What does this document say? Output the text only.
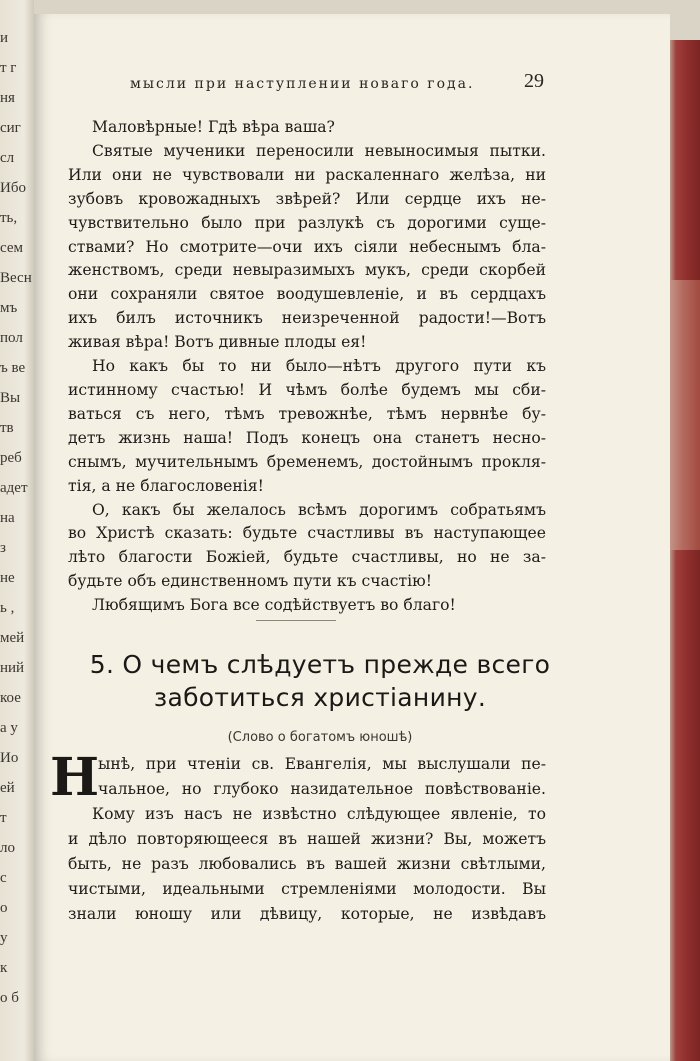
и
т г
ня
сиг
сл
Ибо
ть,
сем
Весн
мъ
пол
ъ ве
Вы
тв
реб
адет
на
з
не
ь ,
мей
ний
кое
а у
Ио
ей
т
ло
с
о
у
к
о б
мысли при наступлении новаго года. 29
Маловѣрные! Гдѣ вѣра ваша?
Святые мученики переносили невыносимыя пытки.
Или они не чувствовали ни раскаленнаго желѣза, ни
зубовъ кровожадныхъ звѣрей? Или сердце ихъ не-
чувствительно было при разлукѣ съ дорогими суще-
ствами? Но смотрите—очи ихъ сіяли небеснымъ бла-
женствомъ, среди невыразимыхъ мукъ, среди скорбей
они сохраняли святое воодушевленіе, и въ сердцахъ
ихъ билъ источникъ неизреченной радости!—Вотъ
живая вѣра! Вотъ дивные плоды ея!
Но какъ бы то ни было—нѣтъ другого пути къ
истинному счастью! И чѣмъ болѣе будемъ мы сби-
ваться съ него, тѣмъ тревожнѣе, тѣмъ нервнѣе бу-
детъ жизнь наша! Подъ конецъ она станетъ несно-
снымъ, мучительнымъ бременемъ, достойнымъ прокля-
тія, а не благословенія!
О, какъ бы желалось всѣмъ дорогимъ собратьямъ
во Христѣ сказать: будьте счастливы въ наступающее
лѣто благости Божіей, будьте счастливы, но не за-
будьте объ единственномъ пути къ счастію!
Любящимъ Бога все содѣйствуетъ во благо!
5. О чемъ слѣдуетъ прежде всего
заботиться христіанину.
(Слово о богатомъ юношѣ)
Н
ынѣ, при чтеніи св. Евангелія, мы выслушали пе-
чальное, но глубоко назидательное повѣствованіе.
Кому изъ насъ не извѣстно слѣдующее явленіе, то
и дѣло повторяющееся въ нашей жизни? Вы, можетъ
быть, не разъ любовались въ вашей жизни свѣтлыми,
чистыми, идеальными стремленіями молодости. Вы
знали юношу или дѣвицу, которые, не извѣдавъ
